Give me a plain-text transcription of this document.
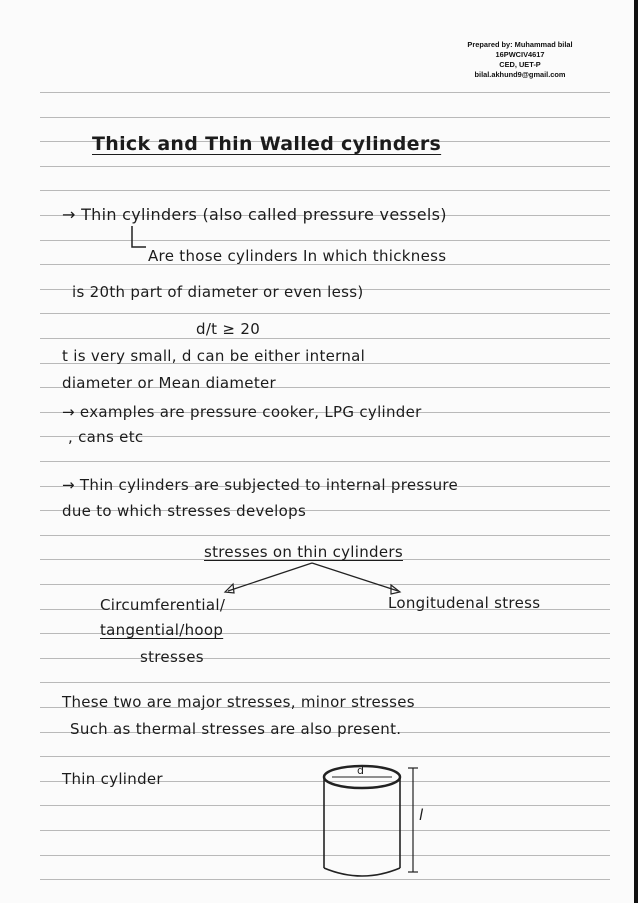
Prepared by: Muhammad bilal
16PWCIV4617
CED, UET-P
bilal.akhund9@gmail.com
Thick and Thin Walled cylinders
→ Thin cylinders (also called pressure vessels)
Are those cylinders In which thickness
is 20th part of diameter or even less)
d/t ≥ 20
t is very small, d can be either internal
diameter or Mean diameter
→ examples are pressure cooker, LPG cylinder
, cans etc
→ Thin cylinders are subjected to internal pressure
due to which stresses develops
stresses on thin cylinders
Circumferential/
tangential/hoop
stresses
Longitudenal stress
These two are major stresses, minor stresses
Such as thermal stresses are also present.
Thin cylinder	d
l
